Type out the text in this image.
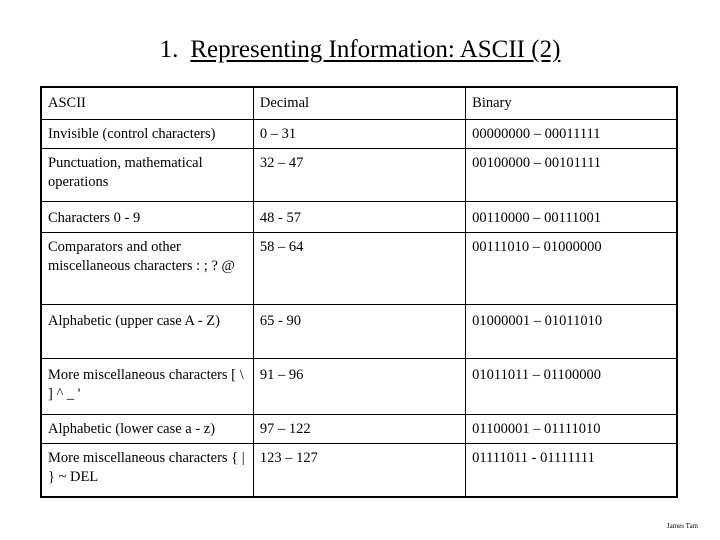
1. Representing Information: ASCII (2)
ASCII	Decimal	Binary
Invisible (control characters)	0 – 31	00000000 – 00011111
Punctuation, mathematical operations	32 – 47	00100000 – 00101111
Characters 0 - 9	48 - 57	00110000 – 00111001
Comparators and other miscellaneous characters : ; ? @	58 – 64	00111010 – 01000000
Alphabetic (upper case A - Z)	65 - 90	01000001 – 01011010
More miscellaneous characters [ \ ] ^ _ '	91 – 96	01011011 – 01100000
Alphabetic (lower case a - z)	97 – 122	01100001 – 01111010
More miscellaneous characters { | } ~ DEL	123 – 127	01111011 - 01111111
James Tam
